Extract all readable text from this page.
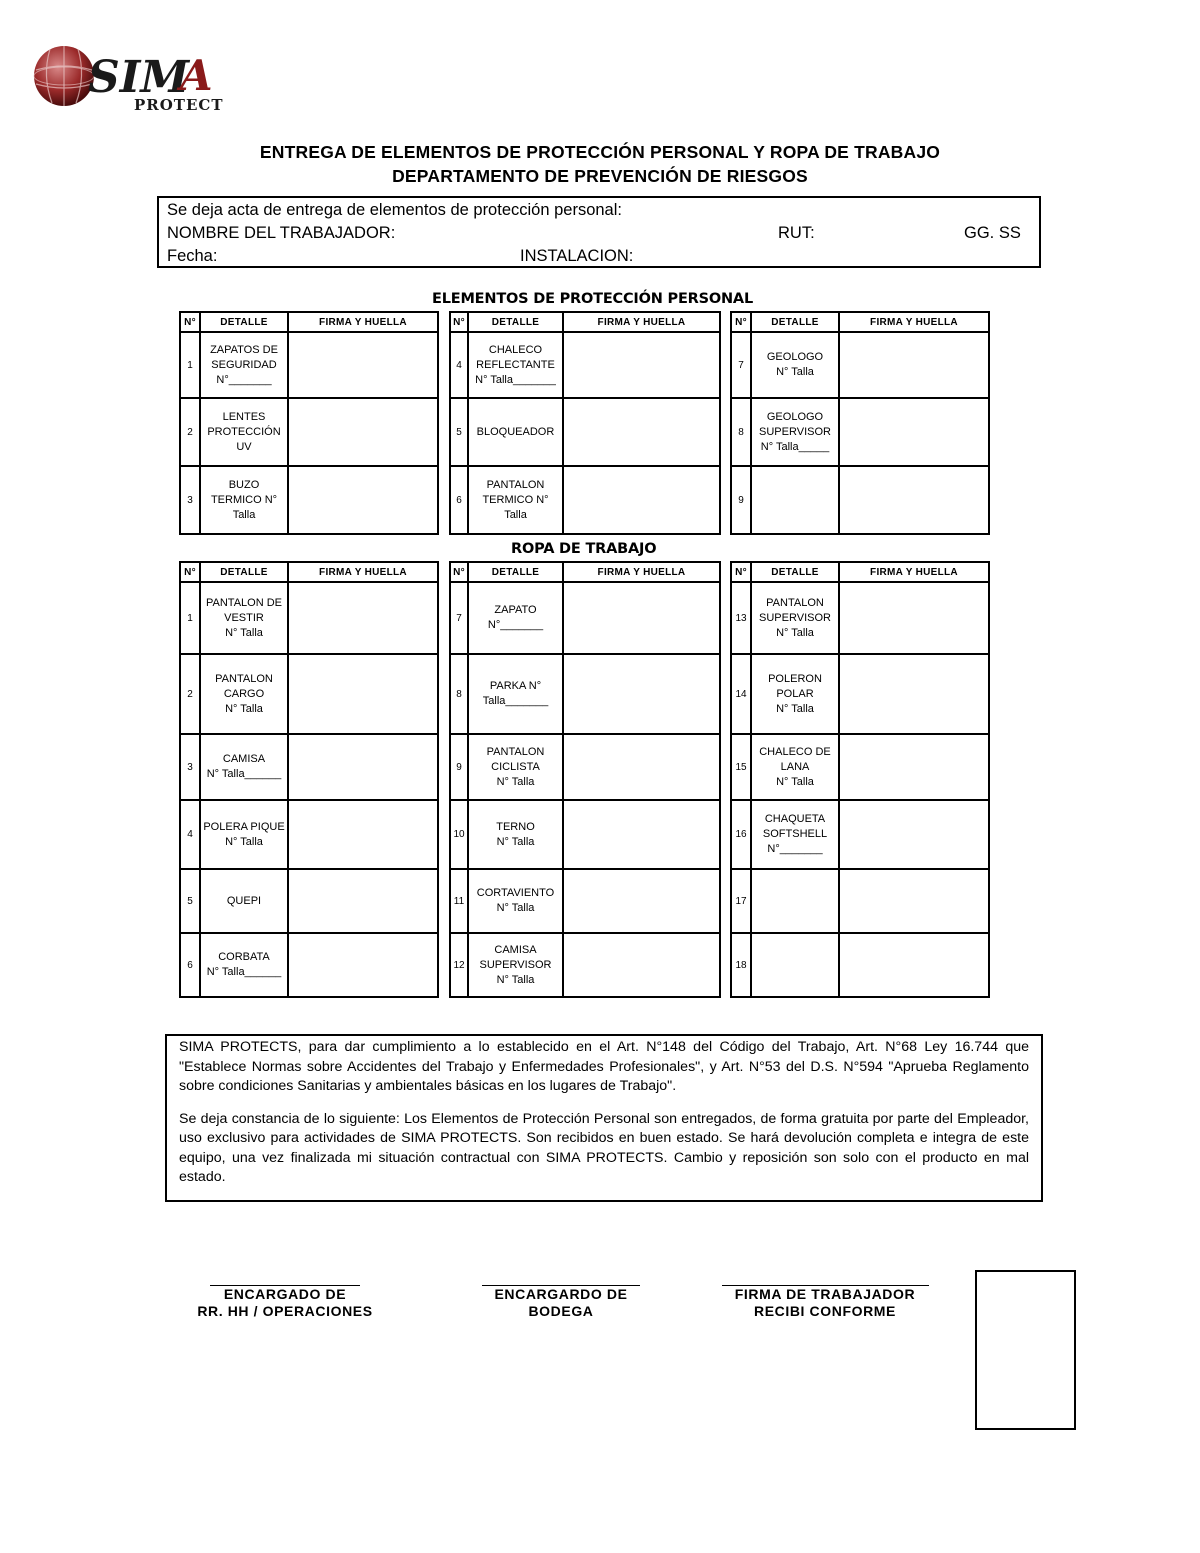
SIM
A
PROTECT
ENTREGA DE ELEMENTOS DE PROTECCIÓN PERSONAL Y ROPA DE TRABAJO
DEPARTAMENTO DE PREVENCIÓN DE RIESGOS
Se deja acta de entrega de elementos de protección personal:
NOMBRE DEL TRABAJADOR:	RUT:	GG. SS
Fecha:	INSTALACION:
ELEMENTOS DE PROTECCIÓN PERSONAL
ROPA DE TRABAJO
N°	DETALLE	FIRMA Y HUELLA
1	ZAPATOS DE
SEGURIDAD
N°_______	
2	LENTES
PROTECCIÓN
UV	
3	BUZO
TERMICO N°
Talla	
N°	DETALLE	FIRMA Y HUELLA
4	CHALECO
REFLECTANTE
N° Talla_______	
5	BLOQUEADOR	
6	PANTALON
TERMICO N°
Talla	
N°	DETALLE	FIRMA Y HUELLA
7	GEOLOGO
N° Talla	
8	GEOLOGO
SUPERVISOR
N° Talla_____	
9		
N°	DETALLE	FIRMA Y HUELLA
1	PANTALON DE
VESTIR
N° Talla	
2	PANTALON
CARGO
N° Talla	
3	CAMISA
N° Talla______	
4	POLERA PIQUE
N° Talla	
5	QUEPI	
6	CORBATA
N° Talla______	
N°	DETALLE	FIRMA Y HUELLA
7	ZAPATO
N°_______	
8	PARKA N°
Talla_______	
9	PANTALON
CICLISTA
N° Talla	
10	TERNO
N° Talla	
11	CORTAVIENTO
N° Talla	
12	CAMISA
SUPERVISOR
N° Talla	
N°	DETALLE	FIRMA Y HUELLA
13	PANTALON
SUPERVISOR
N° Talla	
14	POLERON
POLAR
N° Talla	
15	CHALECO DE
LANA
N° Talla	
16	CHAQUETA
SOFTSHELL
N°_______	
17		
18		

SIMA PROTECTS, para dar cumplimiento a lo establecido en el Art. N°148 del Código del Trabajo, Art. N°68 Ley 16.744 que "Establece Normas sobre Accidentes del Trabajo y Enfermedades Profesionales", y Art. N°53 del D.S. N°594 "Aprueba Reglamento sobre condiciones Sanitarias y ambientales básicas en los lugares de Trabajo".

Se deja constancia de lo siguiente: Los Elementos de Protección Personal son entregados, de forma gratuita por parte del Empleador, uso exclusivo para actividades de SIMA PROTECTS. Son recibidos en buen estado. Se hará devolución completa e integra de este equipo, una vez finalizada mi situación contractual con SIMA PROTECTS. Cambio y reposición son solo con el producto en mal estado.

ENCARGADO DE
RR. HH / OPERACIONES
ENCARGARDO DE
BODEGA
FIRMA DE TRABAJADOR
RECIBI CONFORME
